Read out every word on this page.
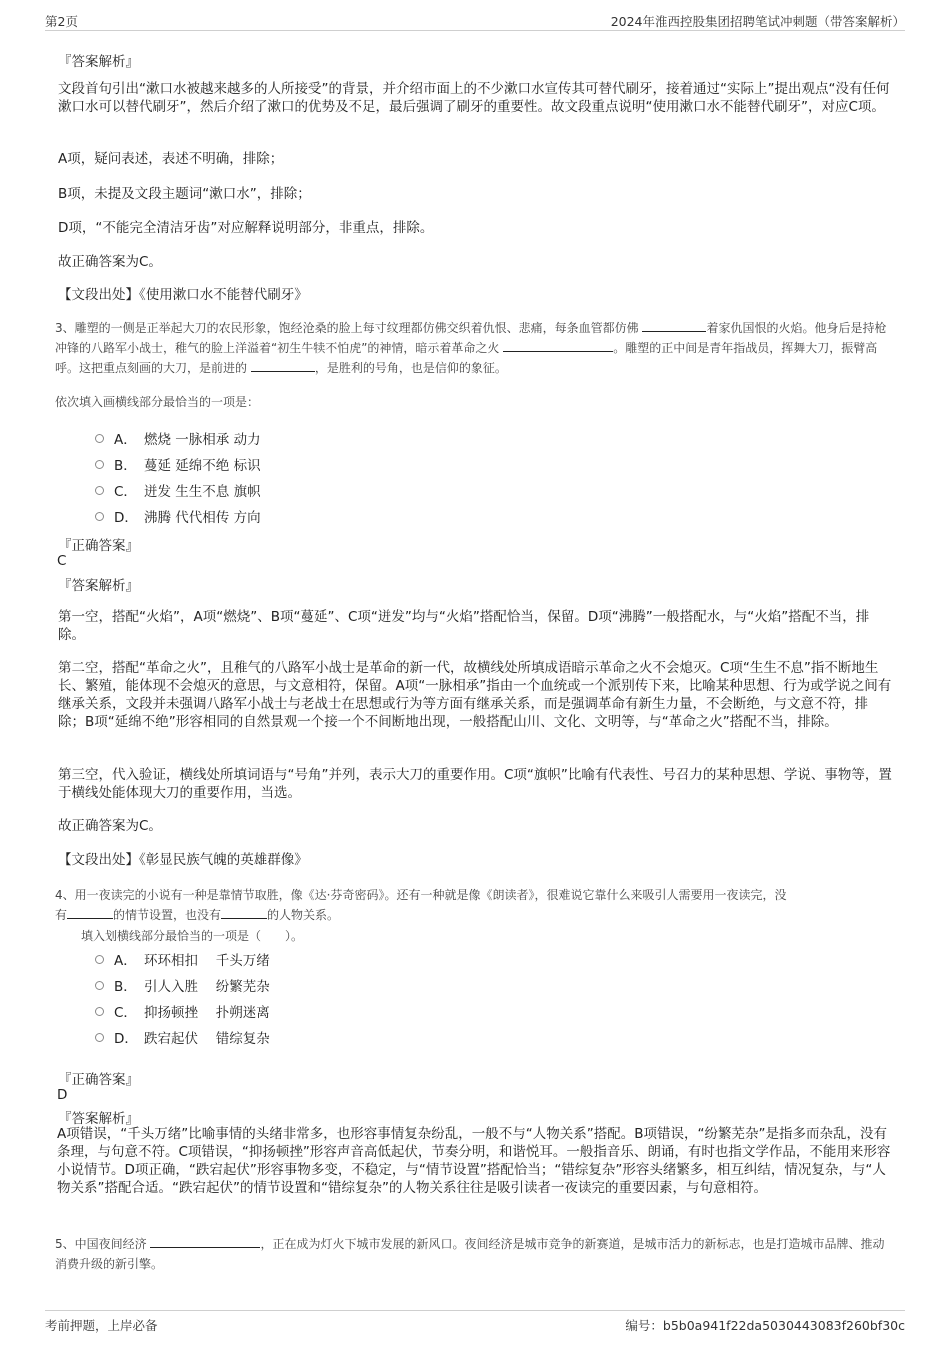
第2页	2024年淮西控股集团招聘笔试冲刺题（带答案解析）
『答案解析』

文段首句引出“漱口水被越来越多的人所接受”的背景，并介绍市面上的不少漱口水宣传其可替代刷牙，接着通过“实际上”提出观点“没有任何漱口水可以替代刷牙”，然后介绍了漱口的优势及不足，最后强调了刷牙的重要性。故文段重点说明“使用漱口水不能替代刷牙”，对应C项。

A项，疑问表述，表述不明确，排除；

B项，未提及文段主题词“漱口水”，排除；

D项，“不能完全清洁牙齿”对应解释说明部分，非重点，排除。

故正确答案为C。

【文段出处】《使用漱口水不能替代刷牙》

3、雕塑的一侧是正举起大刀的农民形象，饱经沧桑的脸上每寸纹理都仿佛交织着仇恨、悲痛，每条血管都仿佛	着家仇国恨的火焰。他身后是持枪冲锋的八路军小战士，稚气的脸上洋溢着“初生牛犊不怕虎”的神情，暗示着革命之火	。雕塑的正中间是青年指战员，挥舞大刀，振臂高呼。这把重点刻画的大刀，是前进的	，是胜利的号角，也是信仰的象征。

依次填入画横线部分最恰当的一项是：

A． 燃烧 一脉相承 动力
B． 蔓延 延绵不绝 标识
C． 迸发 生生不息 旗帜
D． 沸腾 代代相传 方向
『正确答案』
C
『答案解析』

第一空，搭配“火焰”，A项“燃烧”、B项“蔓延”、C项“迸发”均与“火焰”搭配恰当，保留。D项“沸腾”一般搭配水，与“火焰”搭配不当，排除。

第二空，搭配“革命之火”，且稚气的八路军小战士是革命的新一代，故横线处所填成语暗示革命之火不会熄灭。C项“生生不息”指不断地生长、繁殖，能体现不会熄灭的意思，与文意相符，保留。A项“一脉相承”指由一个血统或一个派别传下来，比喻某种思想、行为或学说之间有继承关系，文段并未强调八路军小战士与老战士在思想或行为等方面有继承关系，而是强调革命有新生力量，不会断绝，与文意不符，排除；B项“延绵不绝”形容相同的自然景观一个接一个不间断地出现，一般搭配山川、文化、文明等，与“革命之火”搭配不当，排除。

第三空，代入验证，横线处所填词语与“号角”并列，表示大刀的重要作用。C项“旗帜”比喻有代表性、号召力的某种思想、学说、事物等，置于横线处能体现大刀的重要作用，当选。

故正确答案为C。

【文段出处】《彰显民族气魄的英雄群像》

4、用一夜读完的小说有一种是靠情节取胜，像《达·芬奇密码》。还有一种就是像《朗读者》，很难说它靠什么来吸引人需要用一夜读完，没
有	的情节设置，也没有	的人物关系。

填入划横线部分最恰当的一项是（　　）。

A． 环环相扣　 千头万绪
B． 引人入胜　 纷繁芜杂
C． 抑扬顿挫　 扑朔迷离
D． 跌宕起伏　 错综复杂
『正确答案』
D
『答案解析』

A项错误，“千头万绪”比喻事情的头绪非常多，也形容事情复杂纷乱，一般不与“人物关系”搭配。B项错误，“纷繁芜杂”是指多而杂乱，没有条理，与句意不符。C项错误，“抑扬顿挫”形容声音高低起伏，节奏分明，和谐悦耳。一般指音乐、朗诵，有时也指文学作品，不能用来形容小说情节。D项正确，“跌宕起伏”形容事物多变，不稳定，与“情节设置”搭配恰当；“错综复杂”形容头绪繁多，相互纠结，情况复杂，与“人物关系”搭配合适。“跌宕起伏”的情节设置和“错综复杂”的人物关系往往是吸引读者一夜读完的重要因素，与句意相符。

5、中国夜间经济	，正在成为灯火下城市发展的新风口。夜间经济是城市竞争的新赛道，是城市活力的新标志，也是打造城市品牌、推动消费升级的新引擎。

考前押题，上岸必备	编号：b5b0a941f22da5030443083f260bf30c
